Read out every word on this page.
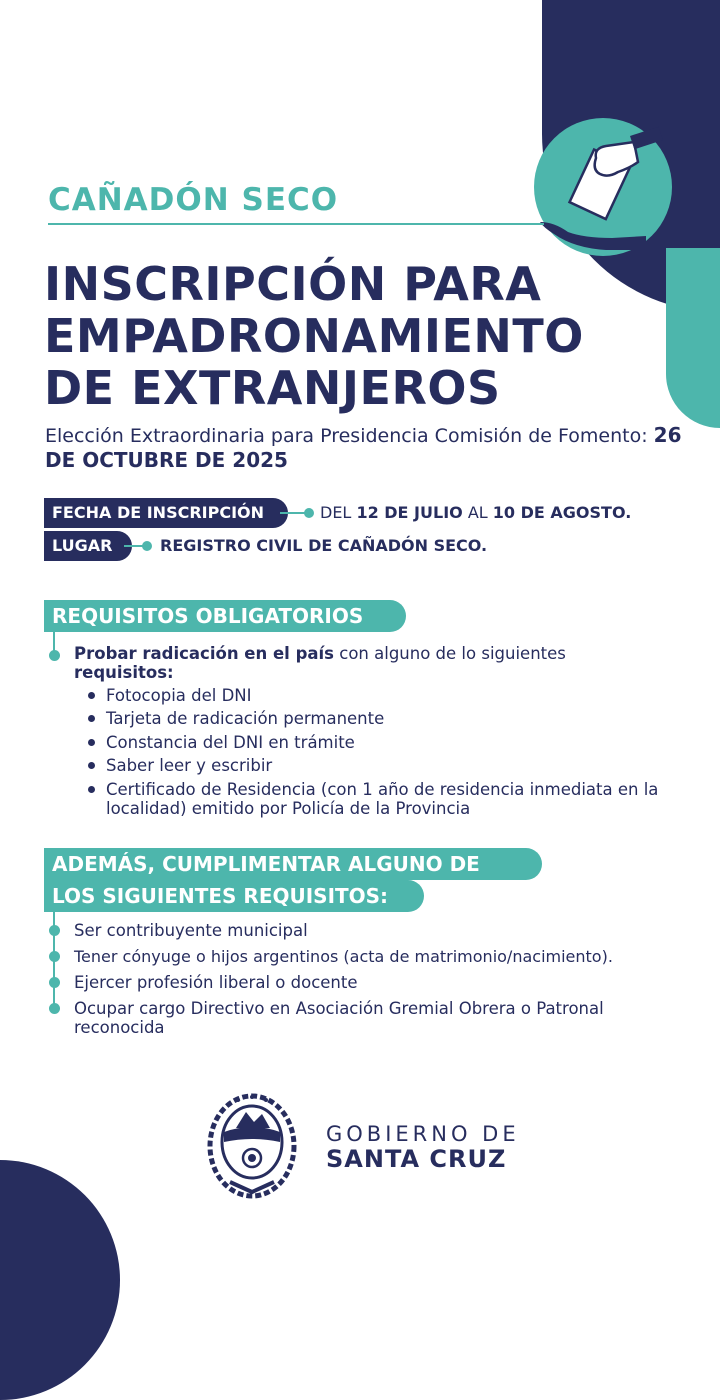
CAÑADÓN SECO
INSCRIPCIÓN PARA
EMPADRONAMIENTO
DE EXTRANJEROS

Elección Extraordinaria para Presidencia Comisión de Fomento: 26 DE OCTUBRE DE 2025

FECHA DE INSCRIPCIÓN	DEL 12 DE JULIO AL 10 DE AGOSTO.
LUGAR	REGISTRO CIVIL DE CAÑADÓN SECO.
REQUISITOS OBLIGATORIOS
Probar radicación en el país con alguno de lo siguientes
requisitos:
Fotocopia del DNI
Tarjeta de radicación permanente
Constancia del DNI en trámite
Saber leer y escribir
Certificado de Residencia (con 1 año de residencia inmediata en la localidad) emitido por Policía de la Provincia
ADEMÁS, CUMPLIMENTAR ALGUNO DE
LOS SIGUIENTES REQUISITOS:
Ser contribuyente municipal
Tener cónyuge o hijos argentinos (acta de matrimonio/nacimiento).
Ejercer profesión liberal o docente
Ocupar cargo Directivo en Asociación Gremial Obrera o Patronal reconocida
GOBIERNO DE
SANTA CRUZ
